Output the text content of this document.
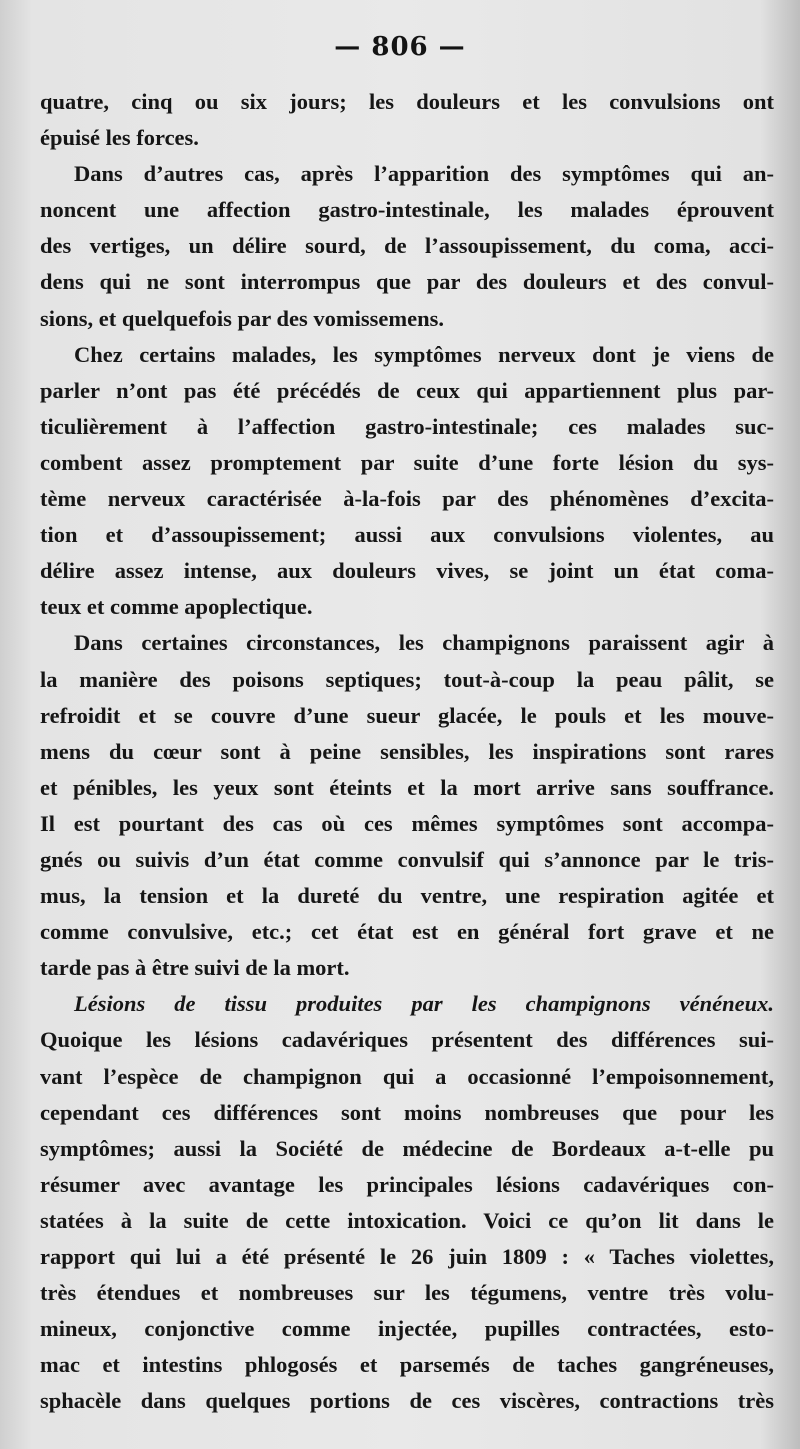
— 806 —
quatre, cinq ou six jours; les douleurs et les convulsions ont
épuisé les forces.
Dans d’autres cas, après l’apparition des symptômes qui an-
noncent une affection gastro-intestinale, les malades éprouvent
des vertiges, un délire sourd, de l’assoupissement, du coma, acci-
dens qui ne sont interrompus que par des douleurs et des convul-
sions, et quelquefois par des vomissemens.
Chez certains malades, les symptômes nerveux dont je viens de
parler n’ont pas été précédés de ceux qui appartiennent plus par-
ticulièrement à l’affection gastro-intestinale; ces malades suc-
combent assez promptement par suite d’une forte lésion du sys-
tème nerveux caractérisée à-la-fois par des phénomènes d’excita-
tion et d’assoupissement; aussi aux convulsions violentes, au
délire assez intense, aux douleurs vives, se joint un état coma-
teux et comme apoplectique.
Dans certaines circonstances, les champignons paraissent agir à
la manière des poisons septiques; tout-à-coup la peau pâlit, se
refroidit et se couvre d’une sueur glacée, le pouls et les mouve-
mens du cœur sont à peine sensibles, les inspirations sont rares
et pénibles, les yeux sont éteints et la mort arrive sans souffrance.
Il est pourtant des cas où ces mêmes symptômes sont accompa-
gnés ou suivis d’un état comme convulsif qui s’annonce par le tris-
mus, la tension et la dureté du ventre, une respiration agitée et
comme convulsive, etc.; cet état est en général fort grave et ne
tarde pas à être suivi de la mort.
Lésions de tissu produites par les champignons vénéneux.
Quoique les lésions cadavériques présentent des différences sui-
vant l’espèce de champignon qui a occasionné l’empoisonnement,
cependant ces différences sont moins nombreuses que pour les
symptômes; aussi la Société de médecine de Bordeaux a-t-elle pu
résumer avec avantage les principales lésions cadavériques con-
statées à la suite de cette intoxication. Voici ce qu’on lit dans le
rapport qui lui a été présenté le 26 juin 1809 : « Taches violettes,
très étendues et nombreuses sur les tégumens, ventre très volu-
mineux, conjonctive comme injectée, pupilles contractées, esto-
mac et intestins phlogosés et parsemés de taches gangréneuses,
sphacèle dans quelques portions de ces viscères, contractions très
